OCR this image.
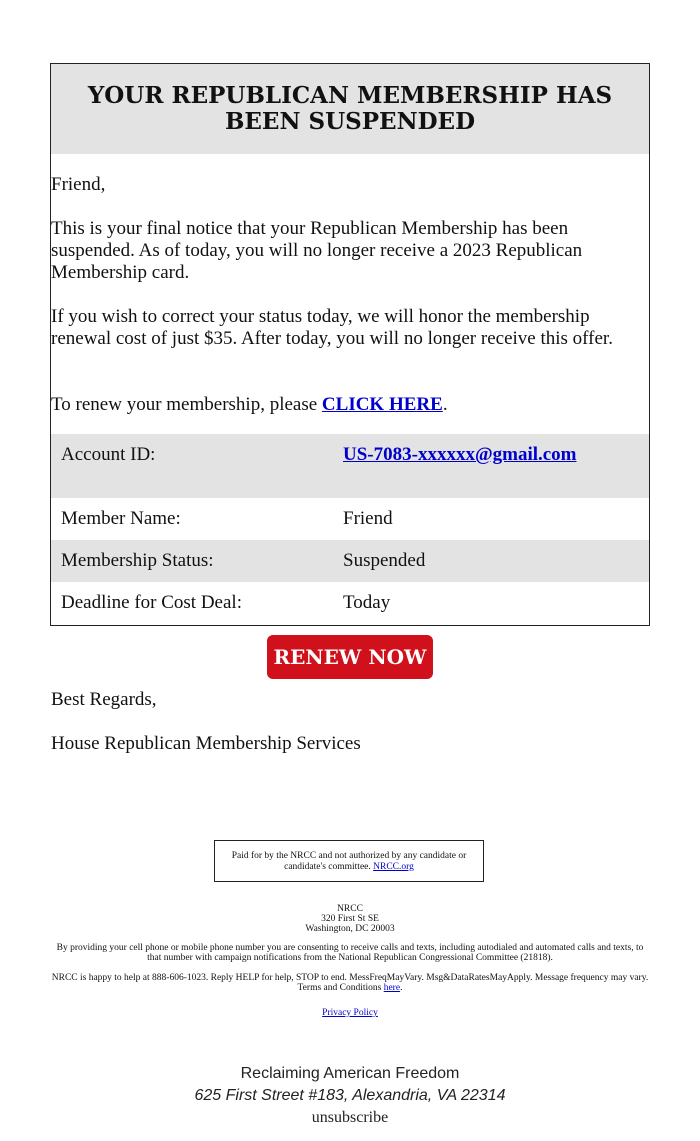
YOUR REPUBLICAN MEMBERSHIP HAS BEEN SUSPENDED

Friend,

This is your final notice that your Republican Membership has been suspended. As of today, you will no longer receive a 2023 Republican Membership card.

If you wish to correct your status today, we will honor the membership renewal cost of just $35. After today, you will no longer receive this offer.

To renew your membership, please CLICK HERE.

Account ID:	US-7083-xxxxxx@gmail.com
Member Name:	Friend
Membership Status:	Suspended
Deadline for Cost Deal:	Today
RENEW NOW
Best Regards,
House Republican Membership Services
Paid for by the NRCC and not authorized by any candidate or candidate's committee. NRCC.org
NRCC
320 First St SE
Washington, DC 20003
By providing your cell phone or mobile phone number you are consenting to receive calls and texts, including autodialed and automated calls and texts, to that number with campaign notifications from the National Republican Congressional Committee (21818).
NRCC is happy to help at 888-606-1023. Reply HELP for help, STOP to end. MessFreqMayVary. Msg&DataRatesMayApply. Message frequency may vary. Terms and Conditions here.
Privacy Policy
Reclaiming American Freedom
625 First Street #183, Alexandria, VA 22314
unsubscribe
